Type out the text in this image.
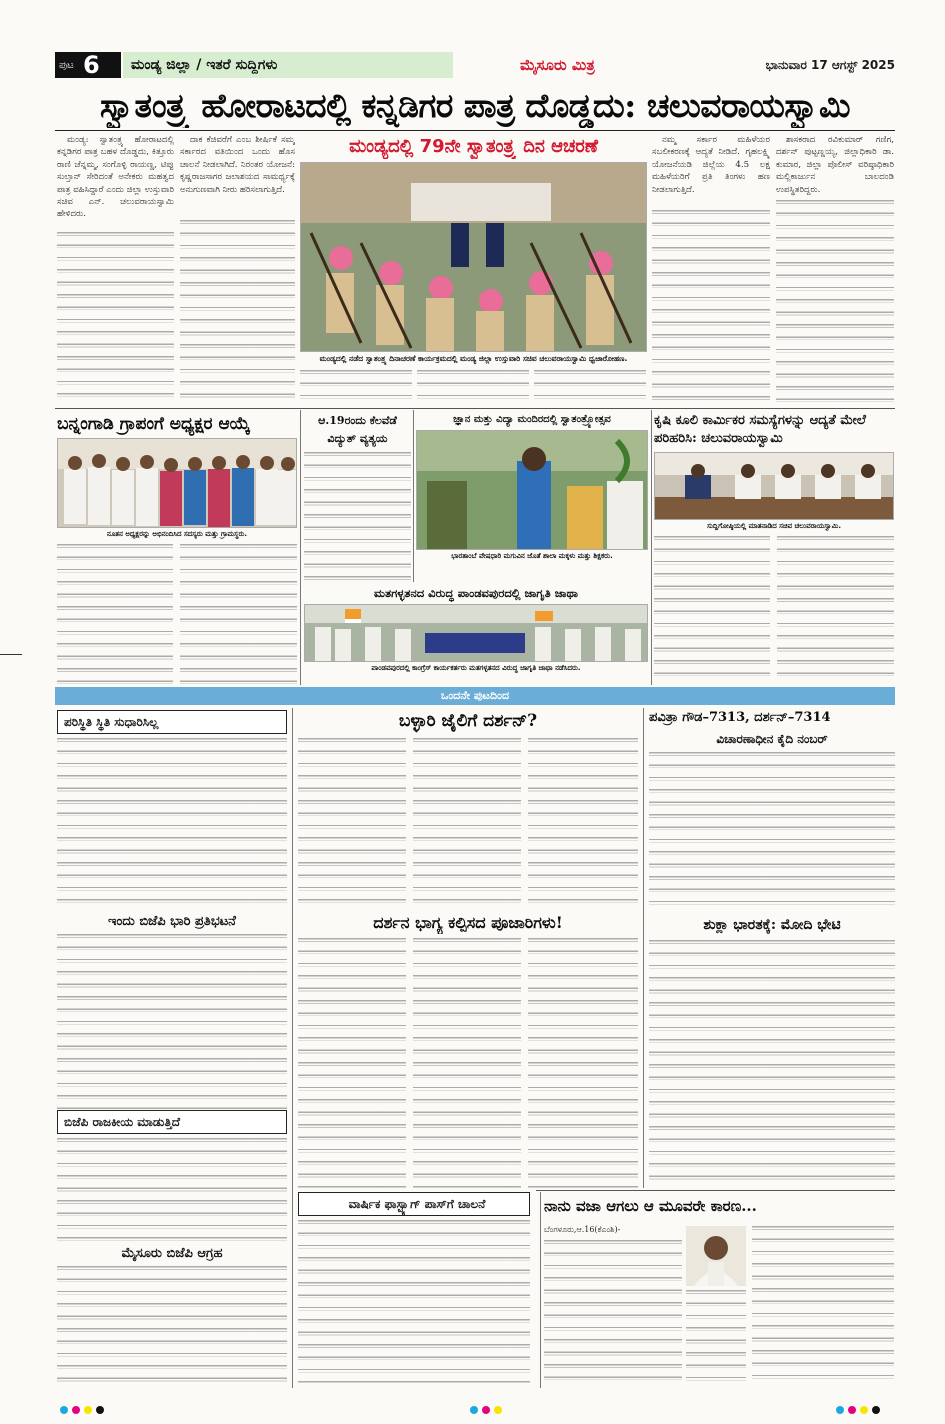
ಪುಟ 6	ಮಂಡ್ಯ ಜಿಲ್ಲಾ / ಇತರೆ ಸುದ್ದಿಗಳು	ಮೈಸೂರು ಮಿತ್ರ	ಭಾನುವಾರ 17 ಆಗಸ್ಟ್ 2025
ಸ್ವಾತಂತ್ರ್ಯ ಹೋರಾಟದಲ್ಲಿ ಕನ್ನಡಿಗರ ಪಾತ್ರ ದೊಡ್ಡದು: ಚಲುವರಾಯಸ್ವಾಮಿ

ಮಂಡ್ಯ: ಸ್ವಾತಂತ್ರ್ಯ ಹೋರಾಟದಲ್ಲಿ ಕನ್ನಡಿಗರ ಪಾತ್ರ ಬಹಳ ದೊಡ್ಡದು, ಕಿತ್ತೂರು ರಾಣಿ ಚೆನ್ನಮ್ಮ, ಸಂಗೊಳ್ಳಿ ರಾಯಣ್ಣ, ಟಿಪ್ಪು ಸುಲ್ತಾನ್ ಸೇರಿದಂತೆ ಅನೇಕರು ಮಹತ್ವದ ಪಾತ್ರ ವಹಿಸಿದ್ದಾರೆ ಎಂದು ಜಿಲ್ಲಾ ಉಸ್ತುವಾರಿ ಸಚಿವ ಎನ್. ಚಲುವರಾಯಸ್ವಾಮಿ ಹೇಳಿದರು.

ದಾಕ ಕೆಜಿವರೆಗೆ ಎಂಬ ಶೀರ್ಷಿಕೆ ಸಮ್ಮ ಸರ್ಕಾರದ ವತಿಯಿಂದ ಒಂದು ಹೊಸ ಚಾಲನೆ ನೀಡಲಾಗಿದೆ. ನಿರಂತರ ಯೋಜನೆ: ಕೃಷ್ಣರಾಜಸಾಗರ ಜಲಾಶಯದ ಸಾಮರ್ಥ್ಯಕ್ಕೆ ಅನುಗುಣವಾಗಿ ನೀರು ಹರಿಸಲಾಗುತ್ತಿದೆ.

ಮಂಡ್ಯದಲ್ಲಿ 79ನೇ ಸ್ವಾತಂತ್ರ್ಯ ದಿನ ಆಚರಣೆ
ಮಂಡ್ಯದಲ್ಲಿ ನಡೆದ ಸ್ವಾತಂತ್ರ್ಯ ದಿನಾಚರಣೆ ಕಾರ್ಯಕ್ರಮದಲ್ಲಿ ಮಂಡ್ಯ ಜಿಲ್ಲಾ ಉಸ್ತುವಾರಿ ಸಚಿವ ಚಲುವರಾಯಸ್ವಾಮಿ ಧ್ವಜಾರೋಹಣ.

ನಮ್ಮ ಸರ್ಕಾರ ಮಹಿಳೆಯರ ಸಬಲೀಕರಣಕ್ಕೆ ಆದ್ಯತೆ ನೀಡಿದೆ. ಗೃಹಲಕ್ಷ್ಮಿ ಯೋಜನೆಯಡಿ ಜಿಲ್ಲೆಯ 4.5 ಲಕ್ಷ ಮಹಿಳೆಯರಿಗೆ ಪ್ರತಿ ತಿಂಗಳು ಹಣ ನೀಡಲಾಗುತ್ತಿದೆ.

ಶಾಸಕರಾದ ರವಿಕುಮಾರ್ ಗಣಿಗ, ದರ್ಶನ್ ಪುಟ್ಟಣ್ಣಯ್ಯ, ಜಿಲ್ಲಾಧಿಕಾರಿ ಡಾ. ಕುಮಾರ, ಜಿಲ್ಲಾ ಪೊಲೀಸ್ ವರಿಷ್ಠಾಧಿಕಾರಿ ಮಲ್ಲಿಕಾರ್ಜುನ ಬಾಲದಂಡಿ ಉಪಸ್ಥಿತರಿದ್ದರು.

ಬನ್ನಂಗಾಡಿ ಗ್ರಾಪಂಗೆ ಅಧ್ಯಕ್ಷರ ಆಯ್ಕೆ
ನೂತನ ಅಧ್ಯಕ್ಷರನ್ನು ಅಭಿನಂದಿಸಿದ ಸದಸ್ಯರು ಮತ್ತು ಗ್ರಾಮಸ್ಥರು.
ಆ.19ರಂದು ಕೆಲವೆಡೆ ವಿದ್ಯುತ್ ವ್ಯತ್ಯಯ
ಜ್ಞಾನ ಮತ್ತು ವಿದ್ಯಾ ಮಂದಿರದಲ್ಲಿ ಸ್ವಾತಂತ್ರ್ಯೋತ್ಸವ
ಭಾರತಾಂಬೆ ವೇಷಧಾರಿ ಮಗುವಿನ ಜೊತೆ ಶಾಲಾ ಮಕ್ಕಳು ಮತ್ತು ಶಿಕ್ಷಕರು.
ಮತಗಳ್ಳತನದ ವಿರುದ್ಧ ಪಾಂಡವಪುರದಲ್ಲಿ ಜಾಗೃತಿ ಜಾಥಾ
ಪಾಂಡವಪುರದಲ್ಲಿ ಕಾಂಗ್ರೆಸ್ ಕಾರ್ಯಕರ್ತರು ಮತಗಳ್ಳತನದ ವಿರುದ್ಧ ಜಾಗೃತಿ ಜಾಥಾ ನಡೆಸಿದರು.
ಕೃಷಿ ಕೂಲಿ ಕಾರ್ಮಿಕರ ಸಮಸ್ಯೆಗಳನ್ನು ಆದ್ಯತೆ ಮೇಲೆ ಪರಿಹರಿಸಿ: ಚಲುವರಾಯಸ್ವಾಮಿ
ಸುದ್ದಿಗೋಷ್ಠಿಯಲ್ಲಿ ಮಾತನಾಡಿದ ಸಚಿವ ಚಲುವರಾಯಸ್ವಾಮಿ.
ಒಂದನೇ ಪುಟದಿಂದ
ಪರಿಸ್ಥಿತಿ ಸ್ಥಿತಿ ಸುಧಾರಿಸಿಲ್ಲ
ಇಂದು ಬಿಜೆಪಿ ಭಾರಿ ಪ್ರತಿಭಟನೆ
ಬಿಜೆಪಿ ರಾಜಕೀಯ ಮಾಡುತ್ತಿದೆ
ಮೈಸೂರು ಬಿಜೆಪಿ ಆಗ್ರಹ
ಬಳ್ಳಾರಿ ಜೈಲಿಗೆ ದರ್ಶನ್?
ದರ್ಶನ ಭಾಗ್ಯ ಕಲ್ಪಿಸದ ಪೂಜಾರಿಗಳು!
ವಾರ್ಷಿಕ ಫಾಸ್ಟ್ಯಾಗ್ ಪಾಸ್‌ಗೆ ಚಾಲನೆ
ಪವಿತ್ರಾ ಗೌಡ–7313, ದರ್ಶನ್–7314
ವಿಚಾರಣಾಧೀನ ಕೈದಿ ನಂಬರ್
ಶುಕ್ಲಾ ಭಾರತಕ್ಕೆ: ಮೋದಿ ಭೇಟಿ
ನಾನು ವಜಾ ಆಗಲು ಆ ಮೂವರೇ ಕಾರಣ...
ಬೆಂಗಳೂರು,ಆ.16(ಕೆಎಂಶಿ)-
